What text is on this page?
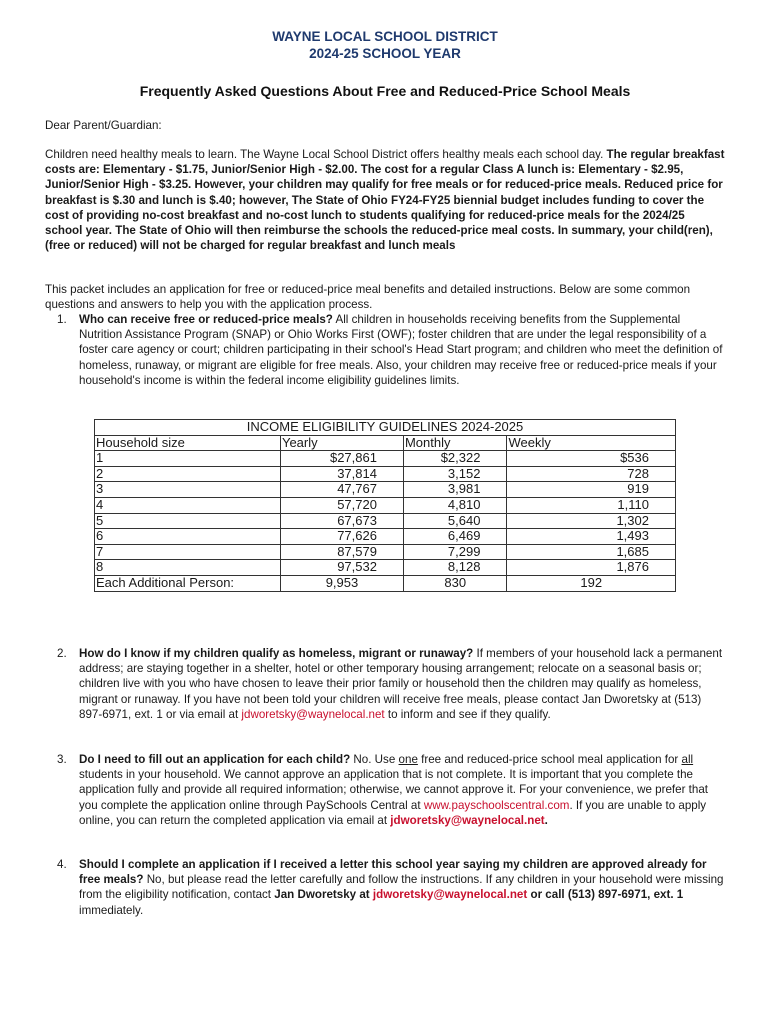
WAYNE LOCAL SCHOOL DISTRICT
2024-25 SCHOOL YEAR
Frequently Asked Questions About Free and Reduced-Price School Meals
Dear Parent/Guardian:
Children need healthy meals to learn. The Wayne Local School District offers healthy meals each school day. The regular breakfast costs are: Elementary - $1.75, Junior/Senior High - $2.00. The cost for a regular Class A lunch is: Elementary - $2.95, Junior/Senior High - $3.25. However, your children may qualify for free meals or for reduced-price meals. Reduced price for breakfast is $.30 and lunch is $.40; however, The State of Ohio FY24-FY25 biennial budget includes funding to cover the cost of providing no-cost breakfast and no-cost lunch to students qualifying for reduced-price meals for the 2024/25 school year. The State of Ohio will then reimburse the schools the reduced-price meal costs. In summary, your child(ren), (free or reduced) will not be charged for regular breakfast and lunch meals
This packet includes an application for free or reduced-price meal benefits and detailed instructions. Below are some common questions and answers to help you with the application process.
1. Who can receive free or reduced-price meals? All children in households receiving benefits from the Supplemental Nutrition Assistance Program (SNAP) or Ohio Works First (OWF); foster children that are under the legal responsibility of a foster care agency or court; children participating in their school's Head Start program; and children who meet the definition of homeless, runaway, or migrant are eligible for free meals. Also, your children may receive free or reduced-price meals if your household's income is within the federal income eligibility guidelines limits.
INCOME ELIGIBILITY GUIDELINES 2024-2025			
Household size	Yearly	Monthly	Weekly
1	$27,861	$2,322	$536
2	37,814	3,152	728
3	47,767	3,981	919
4	57,720	4,810	1,110
5	67,673	5,640	1,302
6	77,626	6,469	1,493
7	87,579	7,299	1,685
8	97,532	8,128	1,876
Each Additional Person:	9,953	830	192
2. How do I know if my children qualify as homeless, migrant or runaway? If members of your household lack a permanent address; are staying together in a shelter, hotel or other temporary housing arrangement; relocate on a seasonal basis or; children live with you who have chosen to leave their prior family or household then the children may qualify as homeless, migrant or runaway. If you have not been told your children will receive free meals, please contact Jan Dworetsky at (513) 897-6971, ext. 1 or via email at jdworetsky@waynelocal.net to inform and see if they qualify.
3. Do I need to fill out an application for each child? No. Use one free and reduced-price school meal application for all students in your household. We cannot approve an application that is not complete. It is important that you complete the application fully and provide all required information; otherwise, we cannot approve it. For your convenience, we prefer that you complete the application online through PaySchools Central at www.payschoolscentral.com. If you are unable to apply online, you can return the completed application via email at jdworetsky@waynelocal.net.
4. Should I complete an application if I received a letter this school year saying my children are approved already for free meals? No, but please read the letter carefully and follow the instructions. If any children in your household were missing from the eligibility notification, contact Jan Dworetsky at jdworetsky@waynelocal.net or call (513) 897-6971, ext. 1 immediately.
